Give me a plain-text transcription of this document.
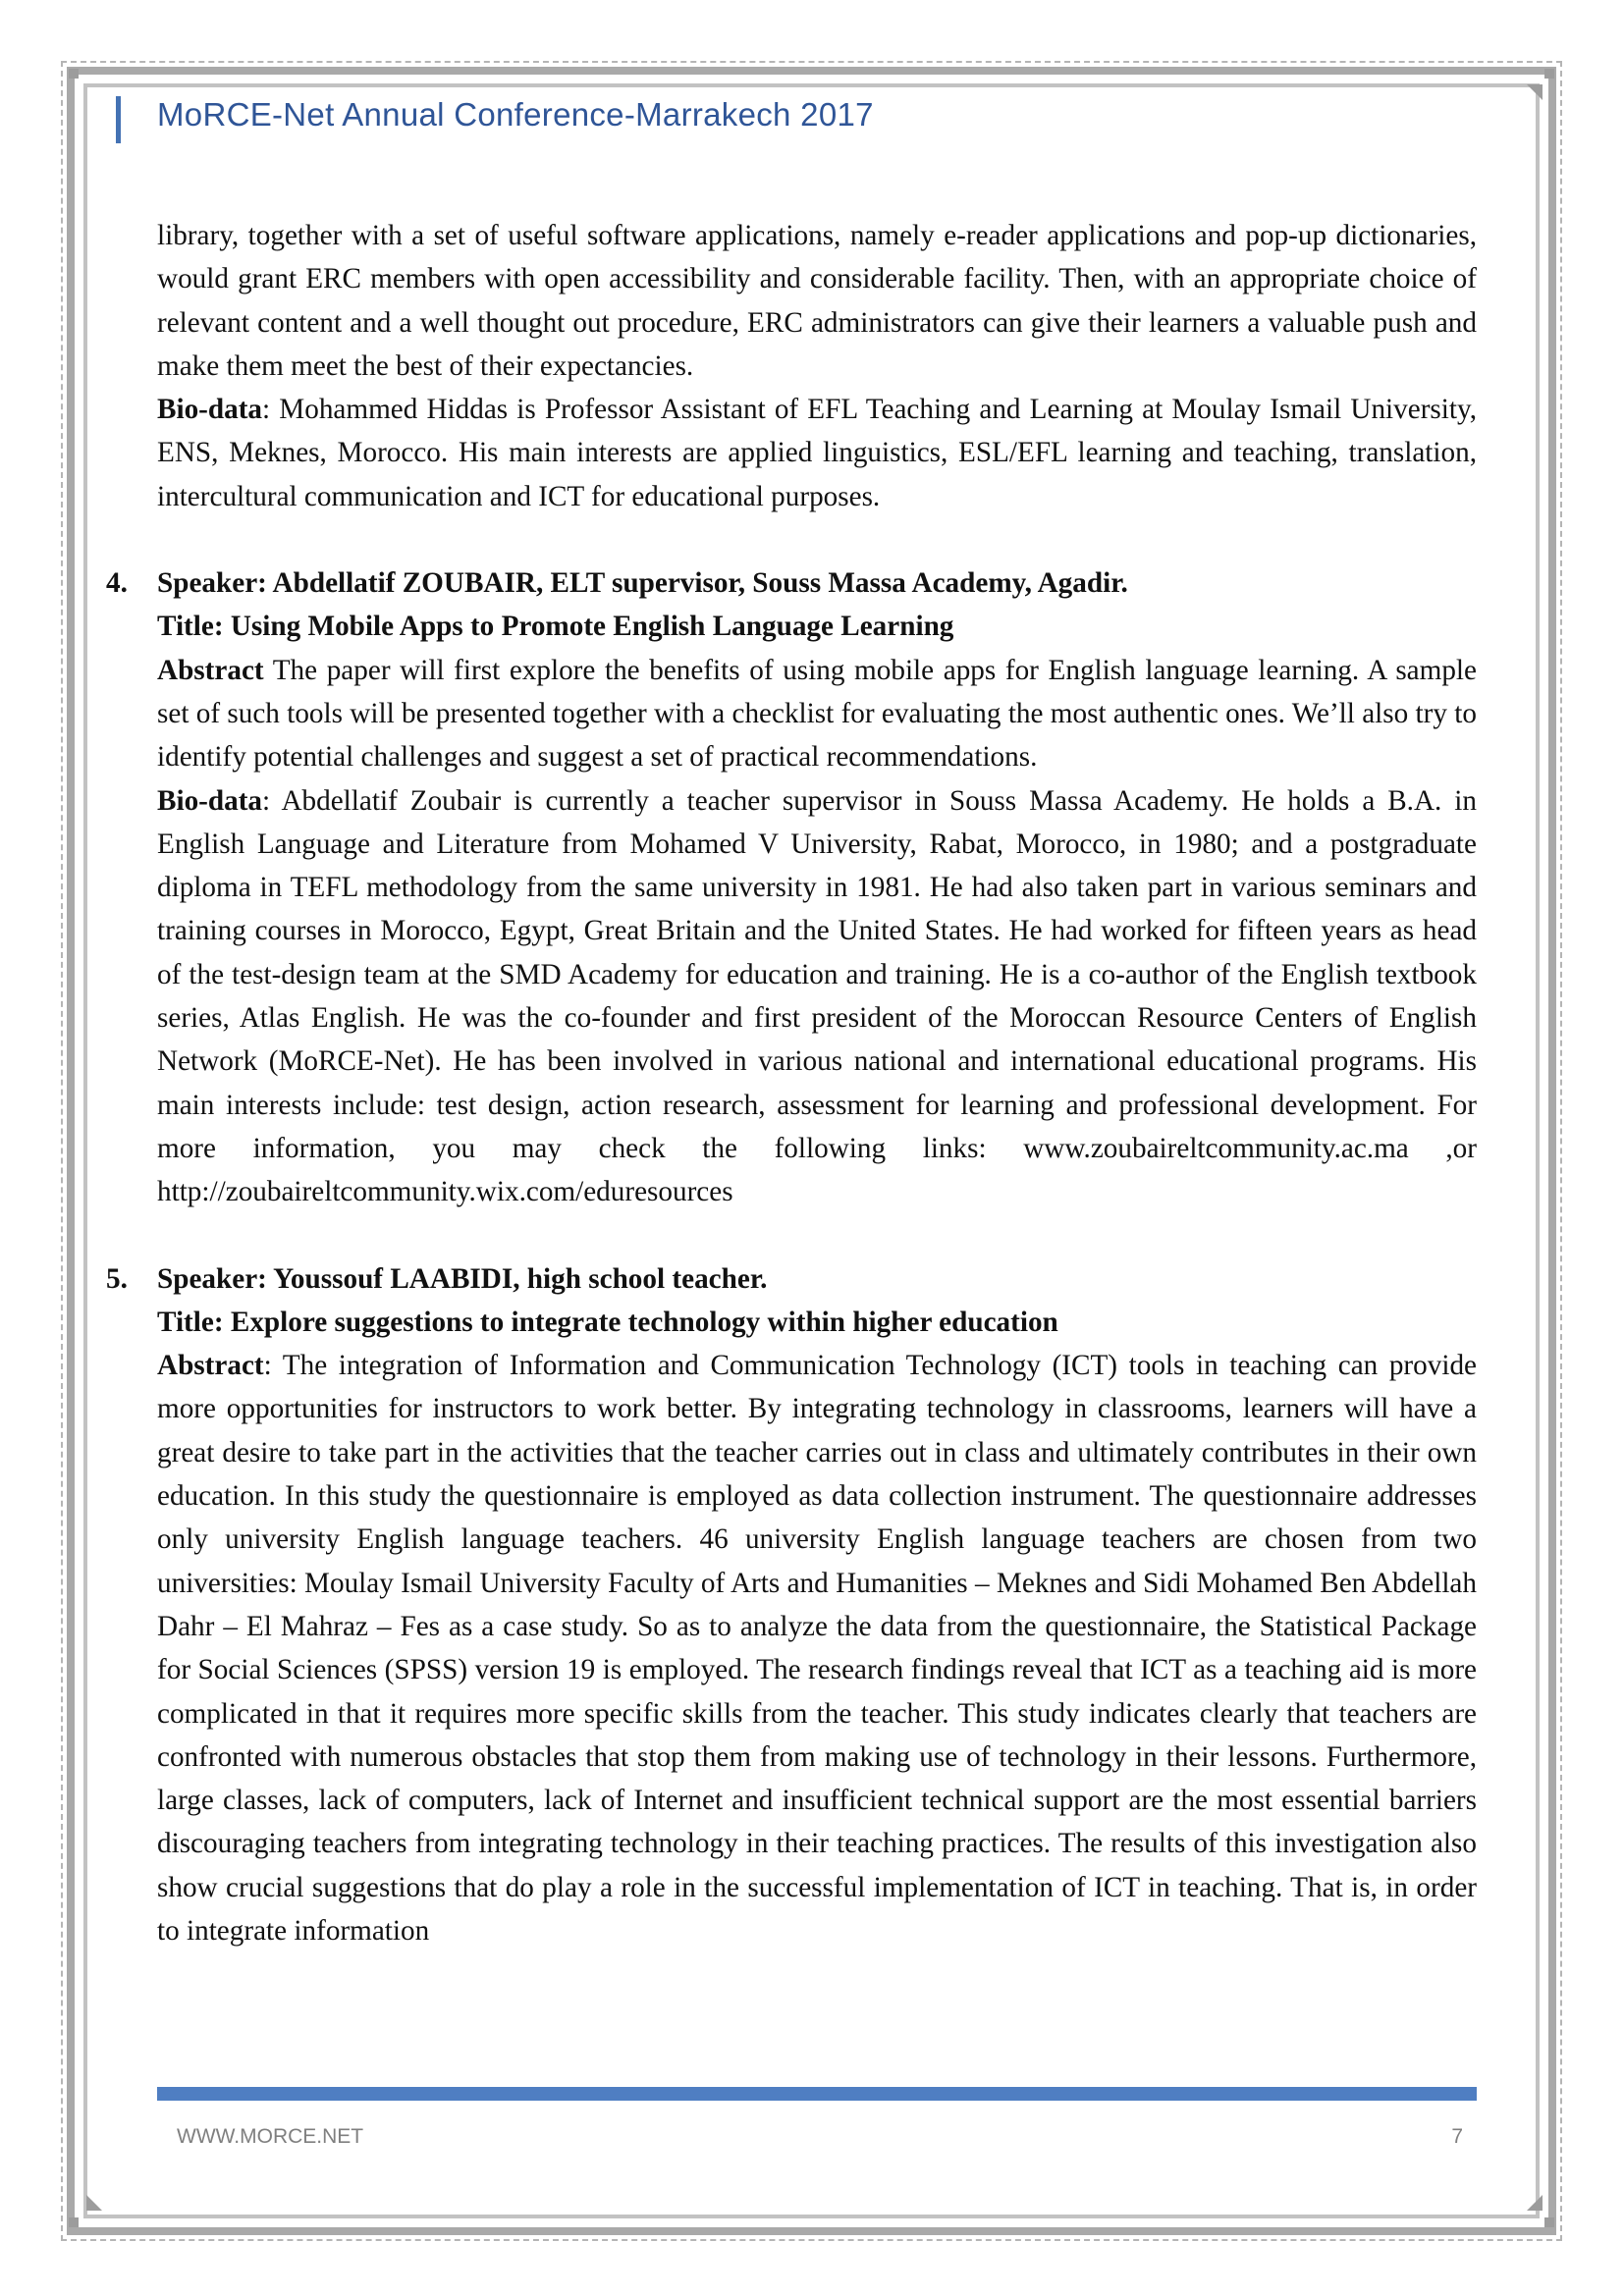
MoRCE-Net Annual Conference-Marrakech 2017

library, together with a set of useful software applications, namely e-reader applications and pop-up dictionaries, would grant ERC members with open accessibility and considerable facility. Then, with an appropriate choice of relevant content and a well thought out procedure, ERC administrators can give their learners a valuable push and make them meet the best of their expectancies.

Bio-data: Mohammed Hiddas is Professor Assistant of EFL Teaching and Learning at Moulay Ismail University, ENS, Meknes, Morocco. His main interests are applied linguistics, ESL/EFL learning and teaching, translation, intercultural communication and ICT for educational purposes.

4. Speaker: Abdellatif ZOUBAIR, ELT supervisor, Souss Massa Academy, Agadir.

Title: Using Mobile Apps to Promote English Language Learning

Abstract The paper will first explore the benefits of using mobile apps for English language learning. A sample set of such tools will be presented together with a checklist for evaluating the most authentic ones. We’ll also try to identify potential challenges and suggest a set of practical recommendations.

Bio-data: Abdellatif Zoubair is currently a teacher supervisor in Souss Massa Academy. He holds a B.A. in English Language and Literature from Mohamed V University, Rabat, Morocco, in 1980; and a postgraduate diploma in TEFL methodology from the same university in 1981. He had also taken part in various seminars and training courses in Morocco, Egypt, Great Britain and the United States. He had worked for fifteen years as head of the test-design team at the SMD Academy for education and training. He is a co-author of the English textbook series, Atlas English. He was the co-founder and first president of the Moroccan Resource Centers of English Network (MoRCE-Net). He has been involved in various national and international educational programs. His main interests include: test design, action research, assessment for learning and professional development. For more information, you may check the following links: www.zoubaireltcommunity.ac.ma ,or http://zoubaireltcommunity.wix.com/eduresources

5. Speaker: Youssouf LAABIDI, high school teacher.

Title: Explore suggestions to integrate technology within higher education

Abstract: The integration of Information and Communication Technology (ICT) tools in teaching can provide more opportunities for instructors to work better. By integrating technology in classrooms, learners will have a great desire to take part in the activities that the teacher carries out in class and ultimately contributes in their own education. In this study the questionnaire is employed as data collection instrument. The questionnaire addresses only university English language teachers. 46 university English language teachers are chosen from two universities: Moulay Ismail University Faculty of Arts and Humanities – Meknes and Sidi Mohamed Ben Abdellah Dahr – El Mahraz – Fes as a case study. So as to analyze the data from the questionnaire, the Statistical Package for Social Sciences (SPSS) version 19 is employed. The research findings reveal that ICT as a teaching aid is more complicated in that it requires more specific skills from the teacher. This study indicates clearly that teachers are confronted with numerous obstacles that stop them from making use of technology in their lessons. Furthermore, large classes, lack of computers, lack of Internet and insufficient technical support are the most essential barriers discouraging teachers from integrating technology in their teaching practices. The results of this investigation also show crucial suggestions that do play a role in the successful implementation of ICT in teaching. That is, in order to integrate information

WWW.MORCE.NET	7
